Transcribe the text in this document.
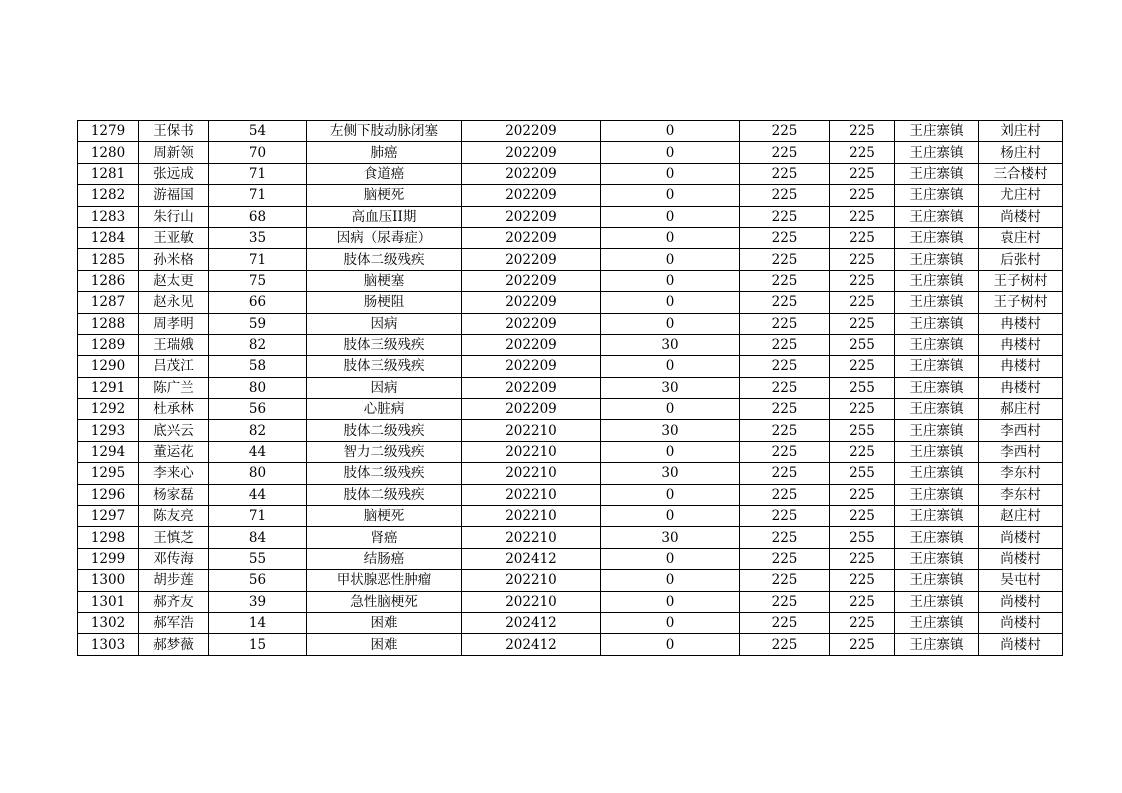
1279	王保书	54	左侧下肢动脉闭塞	202209	0	225	225	王庄寨镇	刘庄村
1280	周新领	70	肺癌	202209	0	225	225	王庄寨镇	杨庄村
1281	张远成	71	食道癌	202209	0	225	225	王庄寨镇	三合楼村
1282	游福国	71	脑梗死	202209	0	225	225	王庄寨镇	尤庄村
1283	朱行山	68	高血压II期	202209	0	225	225	王庄寨镇	尚楼村
1284	王亚敏	35	因病（尿毒症）	202209	0	225	225	王庄寨镇	袁庄村
1285	孙米格	71	肢体二级残疾	202209	0	225	225	王庄寨镇	后张村
1286	赵太更	75	脑梗塞	202209	0	225	225	王庄寨镇	王子树村
1287	赵永见	66	肠梗阻	202209	0	225	225	王庄寨镇	王子树村
1288	周孝明	59	因病	202209	0	225	225	王庄寨镇	冉楼村
1289	王瑞娥	82	肢体三级残疾	202209	30	225	255	王庄寨镇	冉楼村
1290	吕茂江	58	肢体三级残疾	202209	0	225	225	王庄寨镇	冉楼村
1291	陈广兰	80	因病	202209	30	225	255	王庄寨镇	冉楼村
1292	杜承林	56	心脏病	202209	0	225	225	王庄寨镇	郝庄村
1293	底兴云	82	肢体二级残疾	202210	30	225	255	王庄寨镇	李西村
1294	董运花	44	智力二级残疾	202210	0	225	225	王庄寨镇	李西村
1295	李来心	80	肢体二级残疾	202210	30	225	255	王庄寨镇	李东村
1296	杨家磊	44	肢体二级残疾	202210	0	225	225	王庄寨镇	李东村
1297	陈友亮	71	脑梗死	202210	0	225	225	王庄寨镇	赵庄村
1298	王慎芝	84	肾癌	202210	30	225	255	王庄寨镇	尚楼村
1299	邓传海	55	结肠癌	202412	0	225	225	王庄寨镇	尚楼村
1300	胡步莲	56	甲状腺恶性肿瘤	202210	0	225	225	王庄寨镇	吴屯村
1301	郝齐友	39	急性脑梗死	202210	0	225	225	王庄寨镇	尚楼村
1302	郝军浩	14	困难	202412	0	225	225	王庄寨镇	尚楼村
1303	郝梦薇	15	困难	202412	0	225	225	王庄寨镇	尚楼村
